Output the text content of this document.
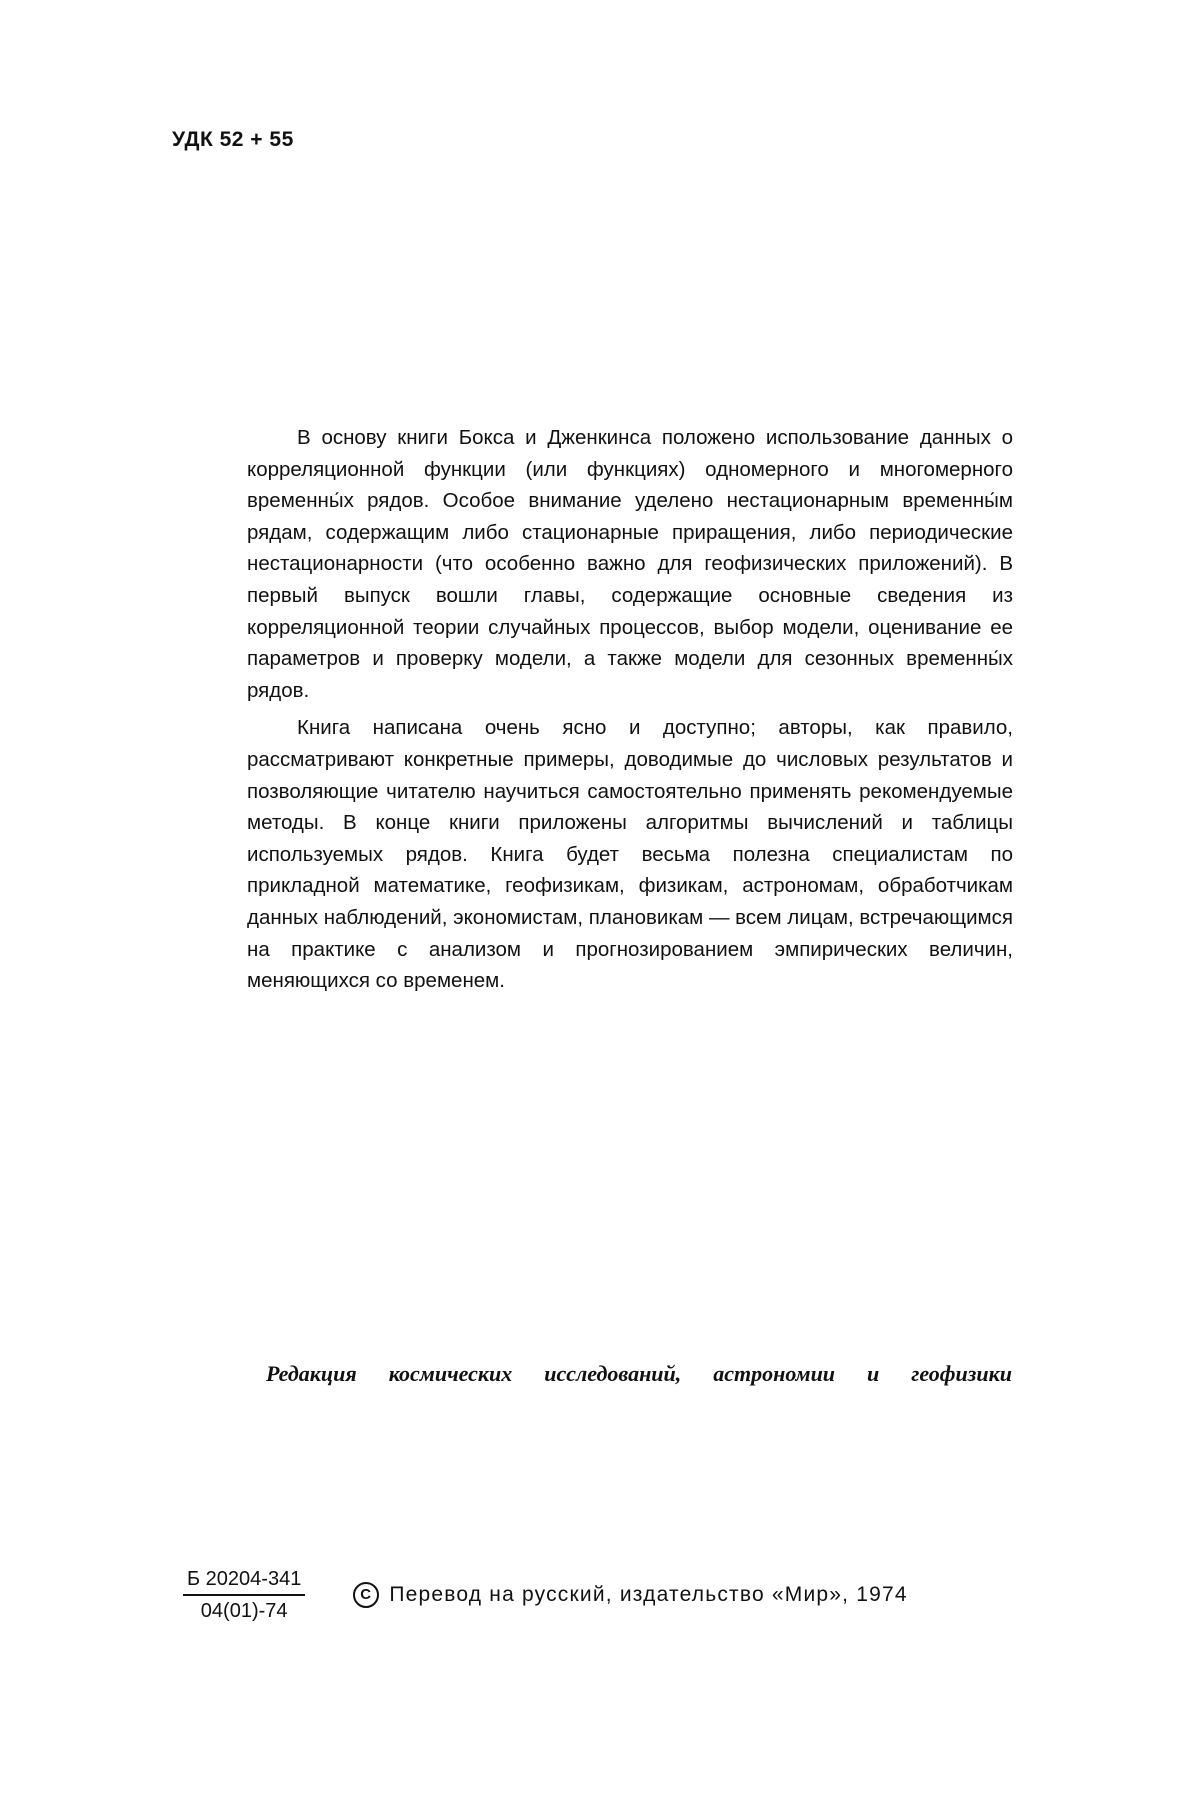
УДК 52 + 55

В основу книги Бокса и Дженкинса положено использование данных о корреляционной функции (или функциях) одномерного и многомерного временны́х рядов. Особое внимание уделено нестационарным временны́м рядам, содержащим либо стационарные приращения, либо периодические нестационарности (что особенно важно для геофизических приложений). В первый выпуск вошли главы, содержащие основные сведения из корреляционной теории случайных процессов, выбор модели, оценивание ее параметров и проверку модели, а также модели для сезонных временны́х рядов.

Книга написана очень ясно и доступно; авторы, как правило, рассматривают конкретные примеры, доводимые до числовых результатов и позволяющие читателю научиться самостоятельно применять рекомендуемые методы. В конце книги приложены алгоритмы вычислений и таблицы используемых рядов. Книга будет весьма полезна специалистам по прикладной математике, геофизикам, физикам, астрономам, обработчикам данных наблюдений, экономистам, плановикам — всем лицам, встречающимся на практике с анализом и прогнозированием эмпирических величин, меняющихся со временем.

Редакция космических исследований, астрономии и геофизики
$\frac{Б 20204-341}{04(01)-74}$	C Перевод на русский, издательство «Мир», 1974
